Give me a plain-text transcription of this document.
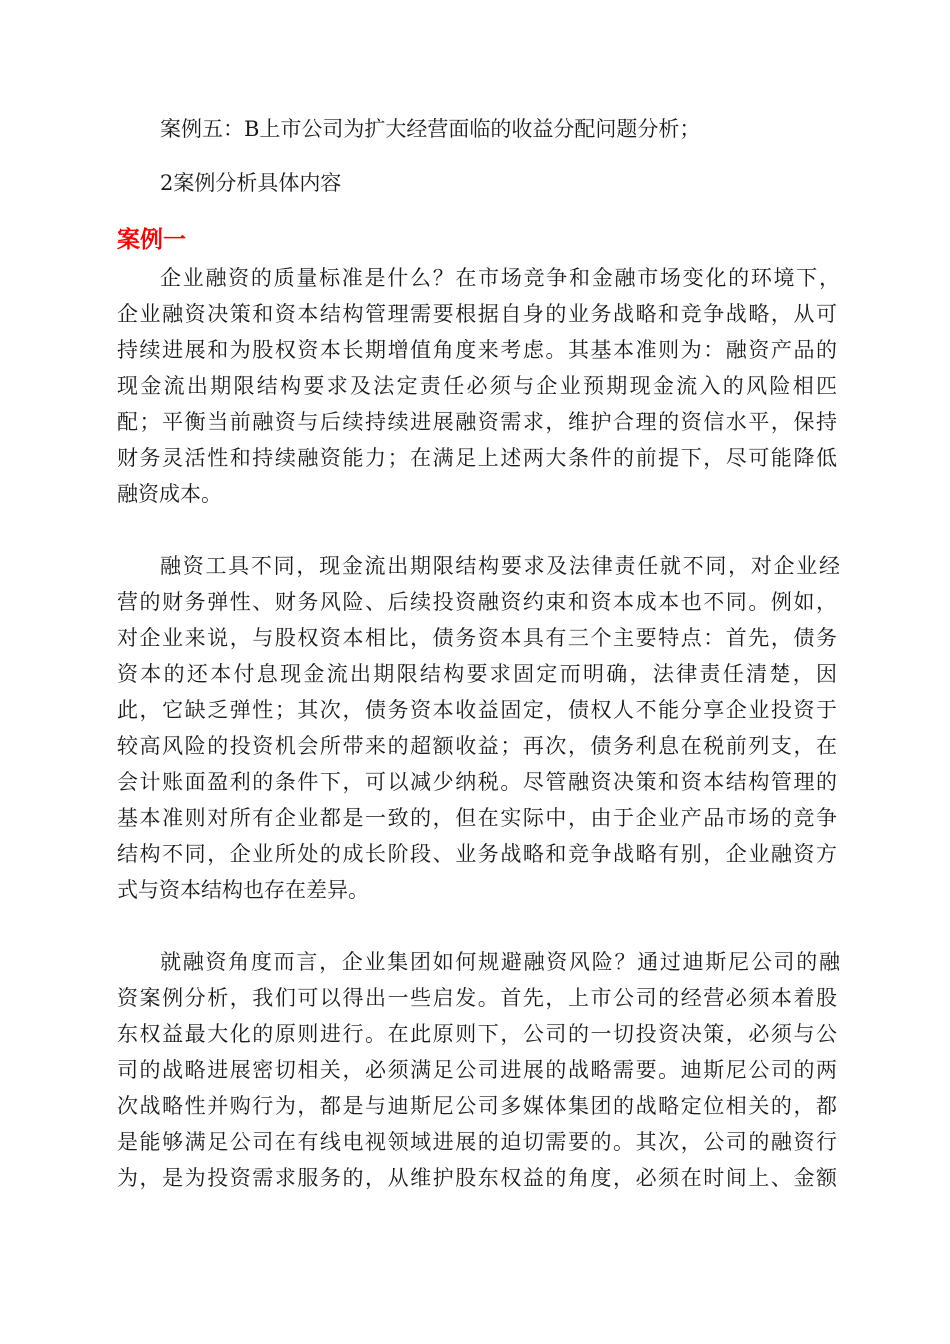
案例五：B上市公司为扩大经营面临的收益分配问题分析；
2案例分析具体内容
案例一
企业融资的质量标准是什么？在市场竞争和金融市场变化的环境下，
企业融资决策和资本结构管理需要根据自身的业务战略和竞争战略，从可
持续进展和为股权资本长期增值角度来考虑。其基本准则为：融资产品的
现金流出期限结构要求及法定责任必须与企业预期现金流入的风险相匹
配；平衡当前融资与后续持续进展融资需求，维护合理的资信水平，保持
财务灵活性和持续融资能力；在满足上述两大条件的前提下，尽可能降低
融资成本。
融资工具不同，现金流出期限结构要求及法律责任就不同，对企业经
营的财务弹性、财务风险、后续投资融资约束和资本成本也不同。例如，
对企业来说，与股权资本相比，债务资本具有三个主要特点：首先，债务
资本的还本付息现金流出期限结构要求固定而明确，法律责任清楚，因
此，它缺乏弹性；其次，债务资本收益固定，债权人不能分享企业投资于
较高风险的投资机会所带来的超额收益；再次，债务利息在税前列支，在
会计账面盈利的条件下，可以减少纳税。尽管融资决策和资本结构管理的
基本准则对所有企业都是一致的，但在实际中，由于企业产品市场的竞争
结构不同，企业所处的成长阶段、业务战略和竞争战略有别，企业融资方
式与资本结构也存在差异。
就融资角度而言，企业集团如何规避融资风险？通过迪斯尼公司的融
资案例分析，我们可以得出一些启发。首先，上市公司的经营必须本着股
东权益最大化的原则进行。在此原则下，公司的一切投资决策，必须与公
司的战略进展密切相关，必须满足公司进展的战略需要。迪斯尼公司的两
次战略性并购行为，都是与迪斯尼公司多媒体集团的战略定位相关的，都
是能够满足公司在有线电视领域进展的迫切需要的。其次，公司的融资行
为，是为投资需求服务的，从维护股东权益的角度，必须在时间上、金额
